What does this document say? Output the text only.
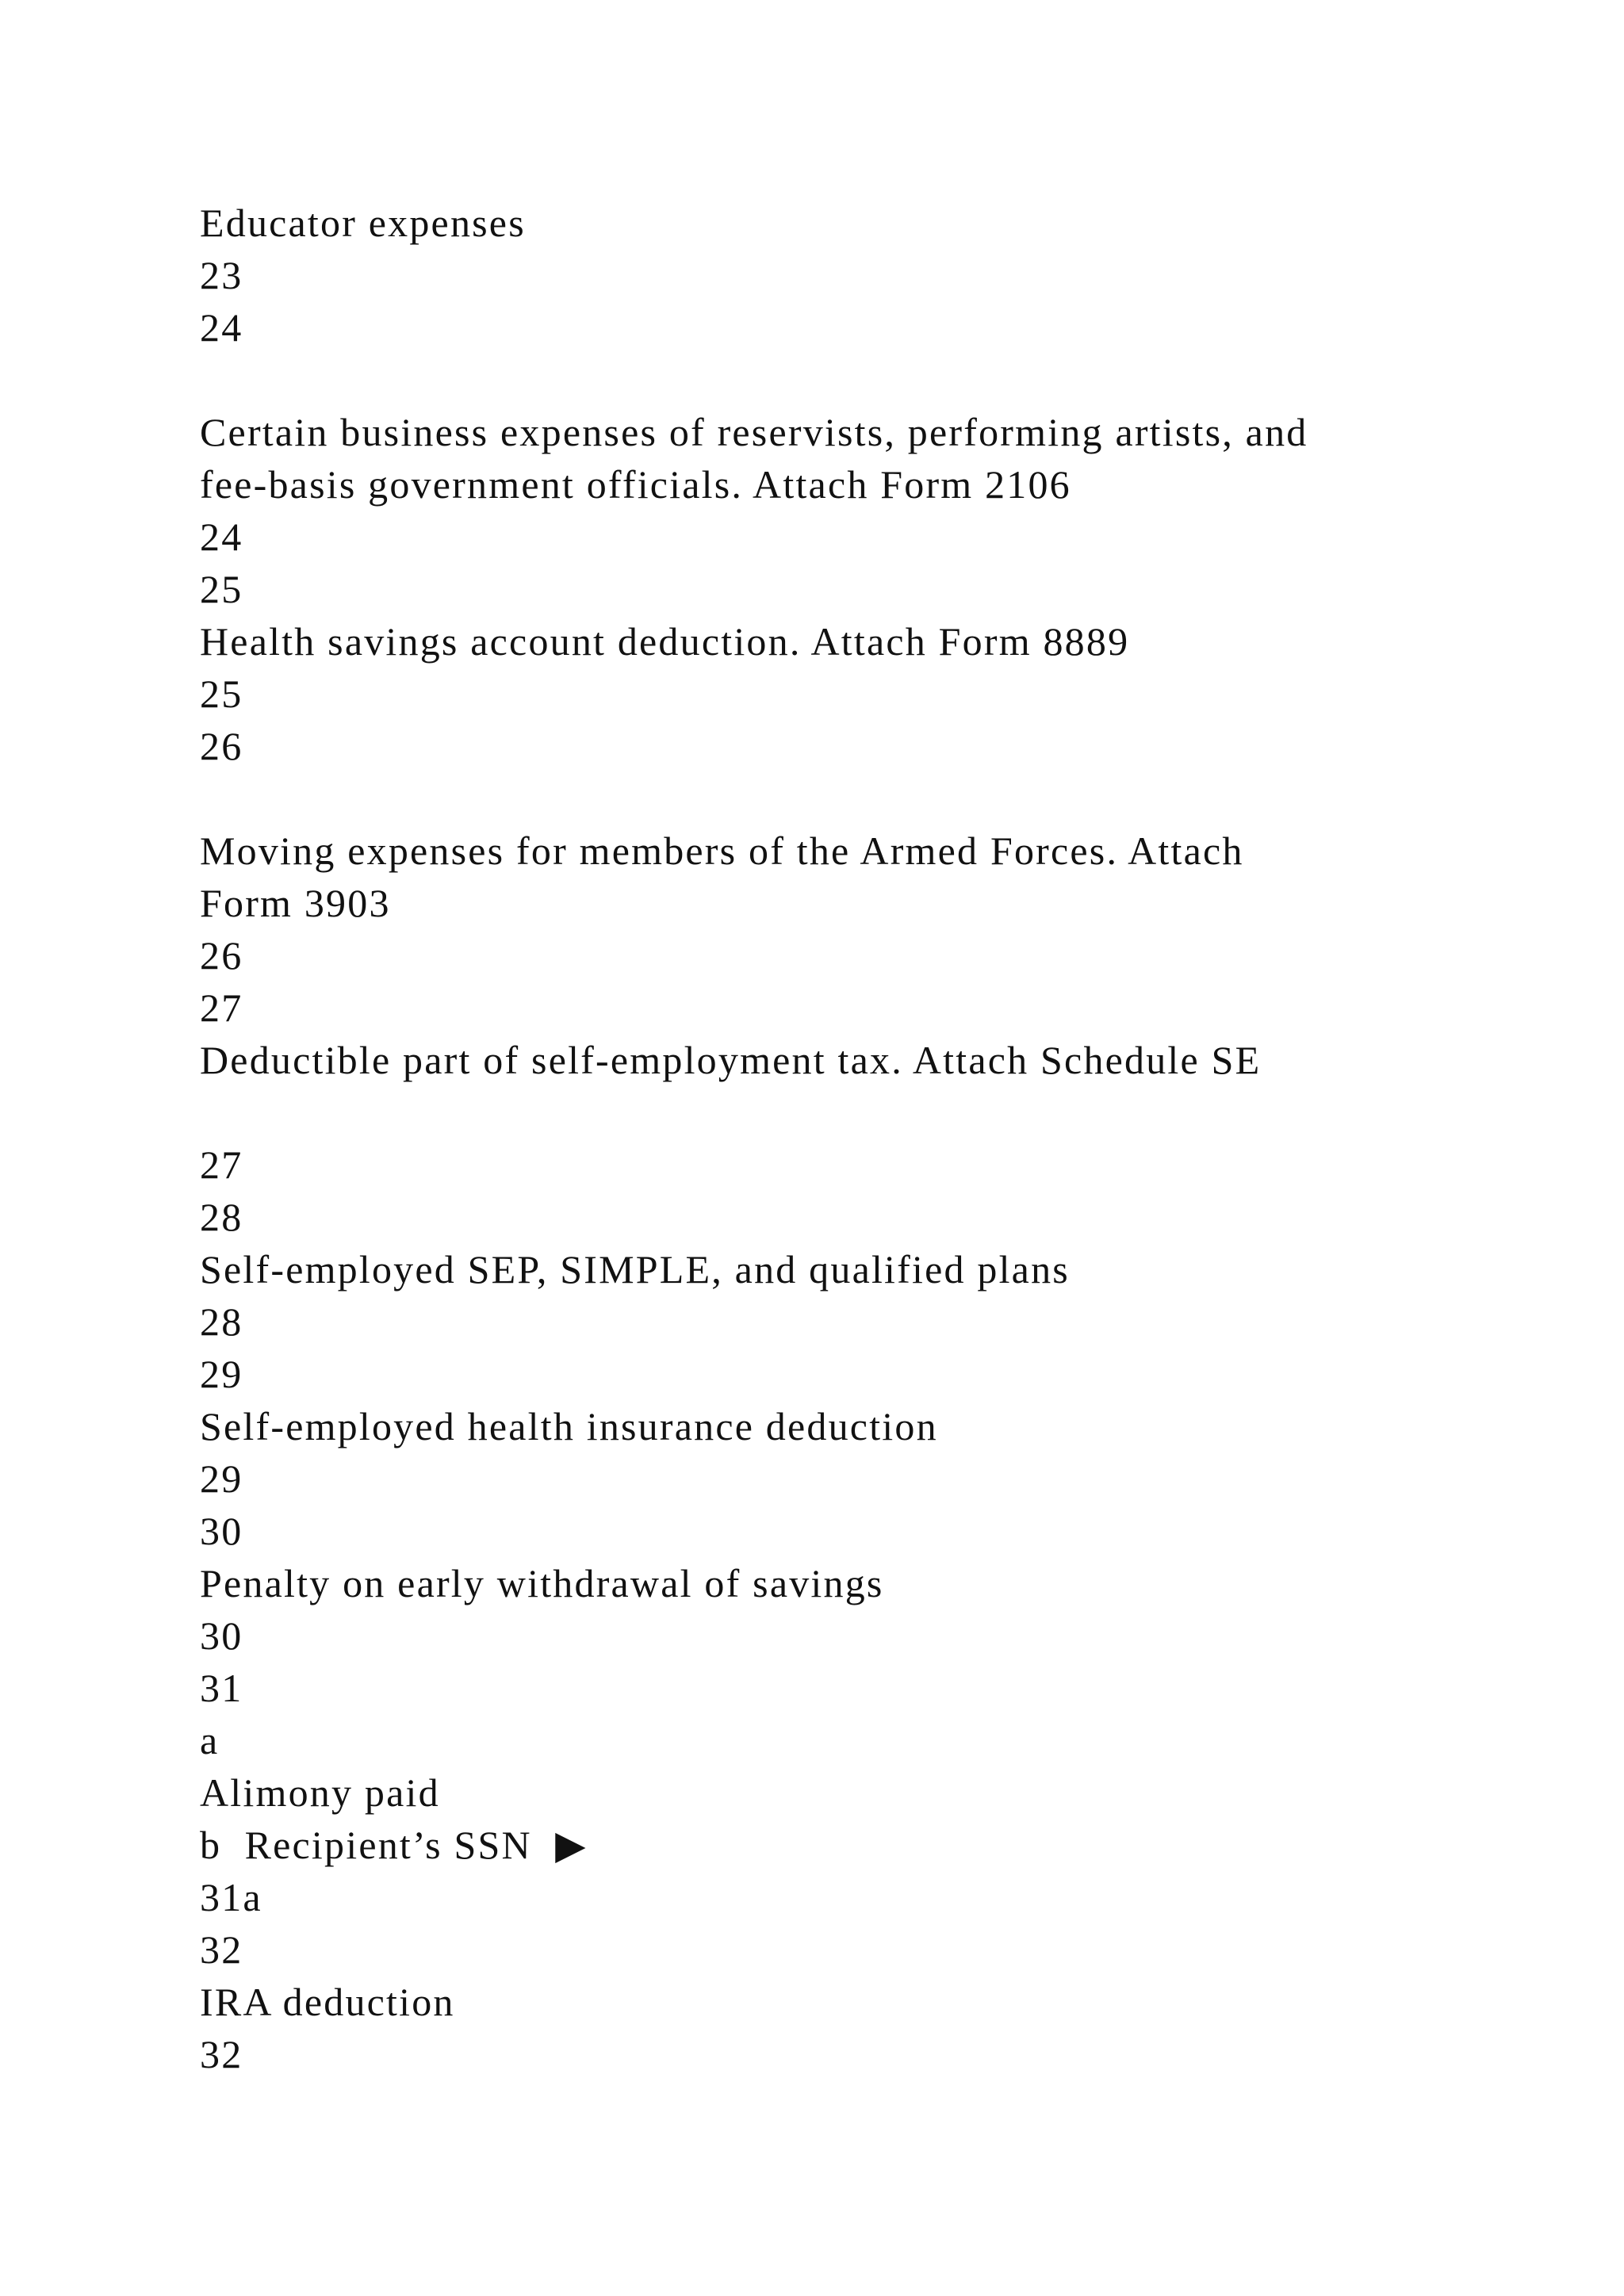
Educator expenses
23
24
Certain business expenses of reservists, performing artists, and
fee-basis government officials. Attach Form 2106
24
25
Health savings account deduction. Attach Form 8889
25
26
Moving expenses for members of the Armed Forces. Attach
Form 3903
26
27
Deductible part of self-employment tax. Attach Schedule SE
27
28
Self-employed SEP, SIMPLE, and qualified plans
28
29
Self-employed health insurance deduction
29
30
Penalty on early withdrawal of savings
30
31
a
Alimony paid
b  Recipient’s SSN  ▶
31a
32
IRA deduction
32
